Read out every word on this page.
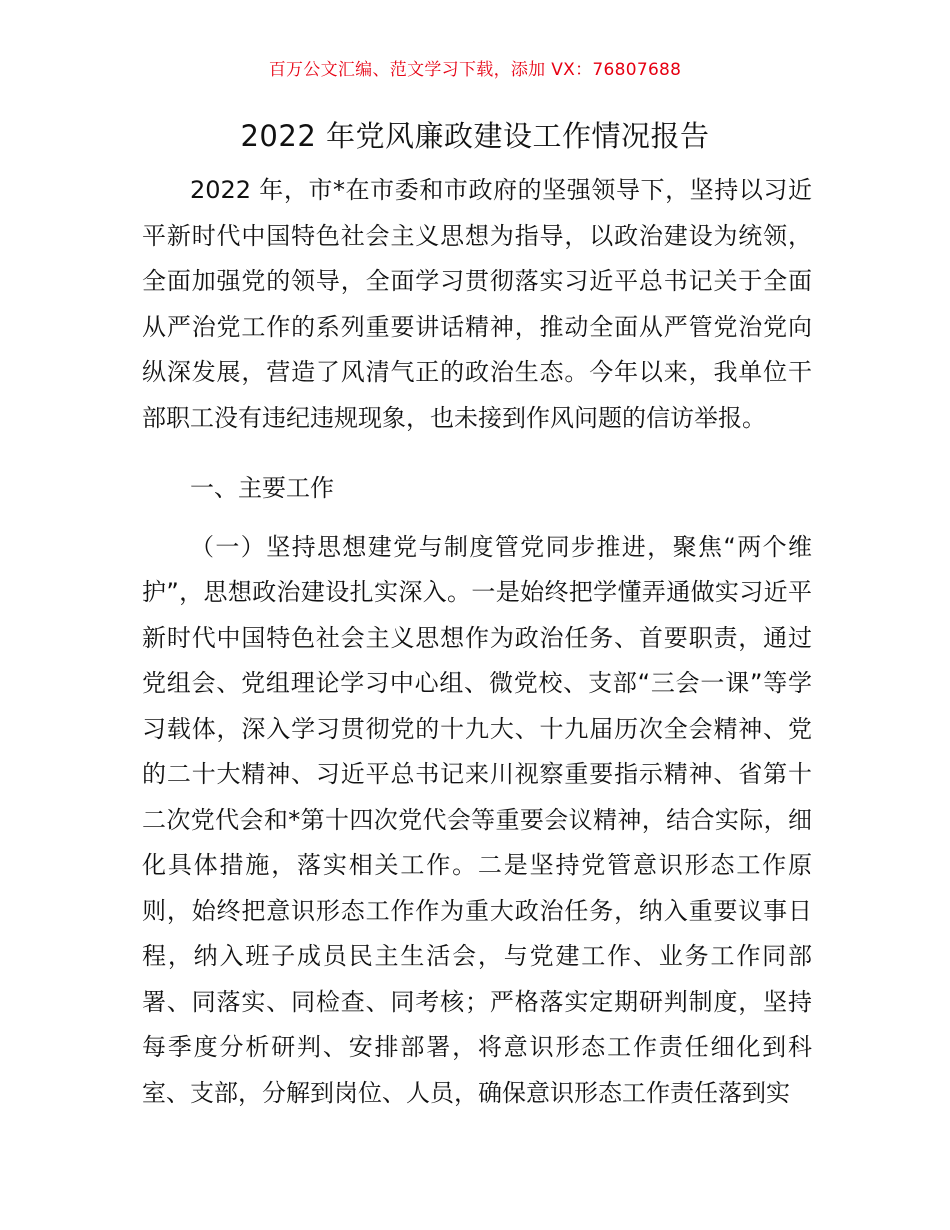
百万公文汇编、范文学习下载，添加 VX：76807688
2022 年党风廉政建设工作情况报告

2022 年，市*在市委和市政府的坚强领导下，坚持以习近平新时代中国特色社会主义思想为指导，以政治建设为统领，全面加强党的领导，全面学习贯彻落实习近平总书记关于全面从严治党工作的系列重要讲话精神，推动全面从严管党治党向纵深发展，营造了风清气正的政治生态。今年以来，我单位干部职工没有违纪违规现象，也未接到作风问题的信访举报。

一、主要工作

（一）坚持思想建党与制度管党同步推进，聚焦“两个维护”，思想政治建设扎实深入。一是始终把学懂弄通做实习近平新时代中国特色社会主义思想作为政治任务、首要职责，通过党组会、党组理论学习中心组、微党校、支部“三会一课”等学习载体，深入学习贯彻党的十九大、十九届历次全会精神、党的二十大精神、习近平总书记来川视察重要指示精神、省第十二次党代会和*第十四次党代会等重要会议精神，结合实际，细化具体措施，落实相关工作。二是坚持党管意识形态工作原则，始终把意识形态工作作为重大政治任务，纳入重要议事日程，纳入班子成员民主生活会，与党建工作、业务工作同部署、同落实、同检查、同考核；严格落实定期研判制度，坚持每季度分析研判、安排部署，将意识形态工作责任细化到科室、支部，分解到岗位、人员，确保意识形态工作责任落到实
